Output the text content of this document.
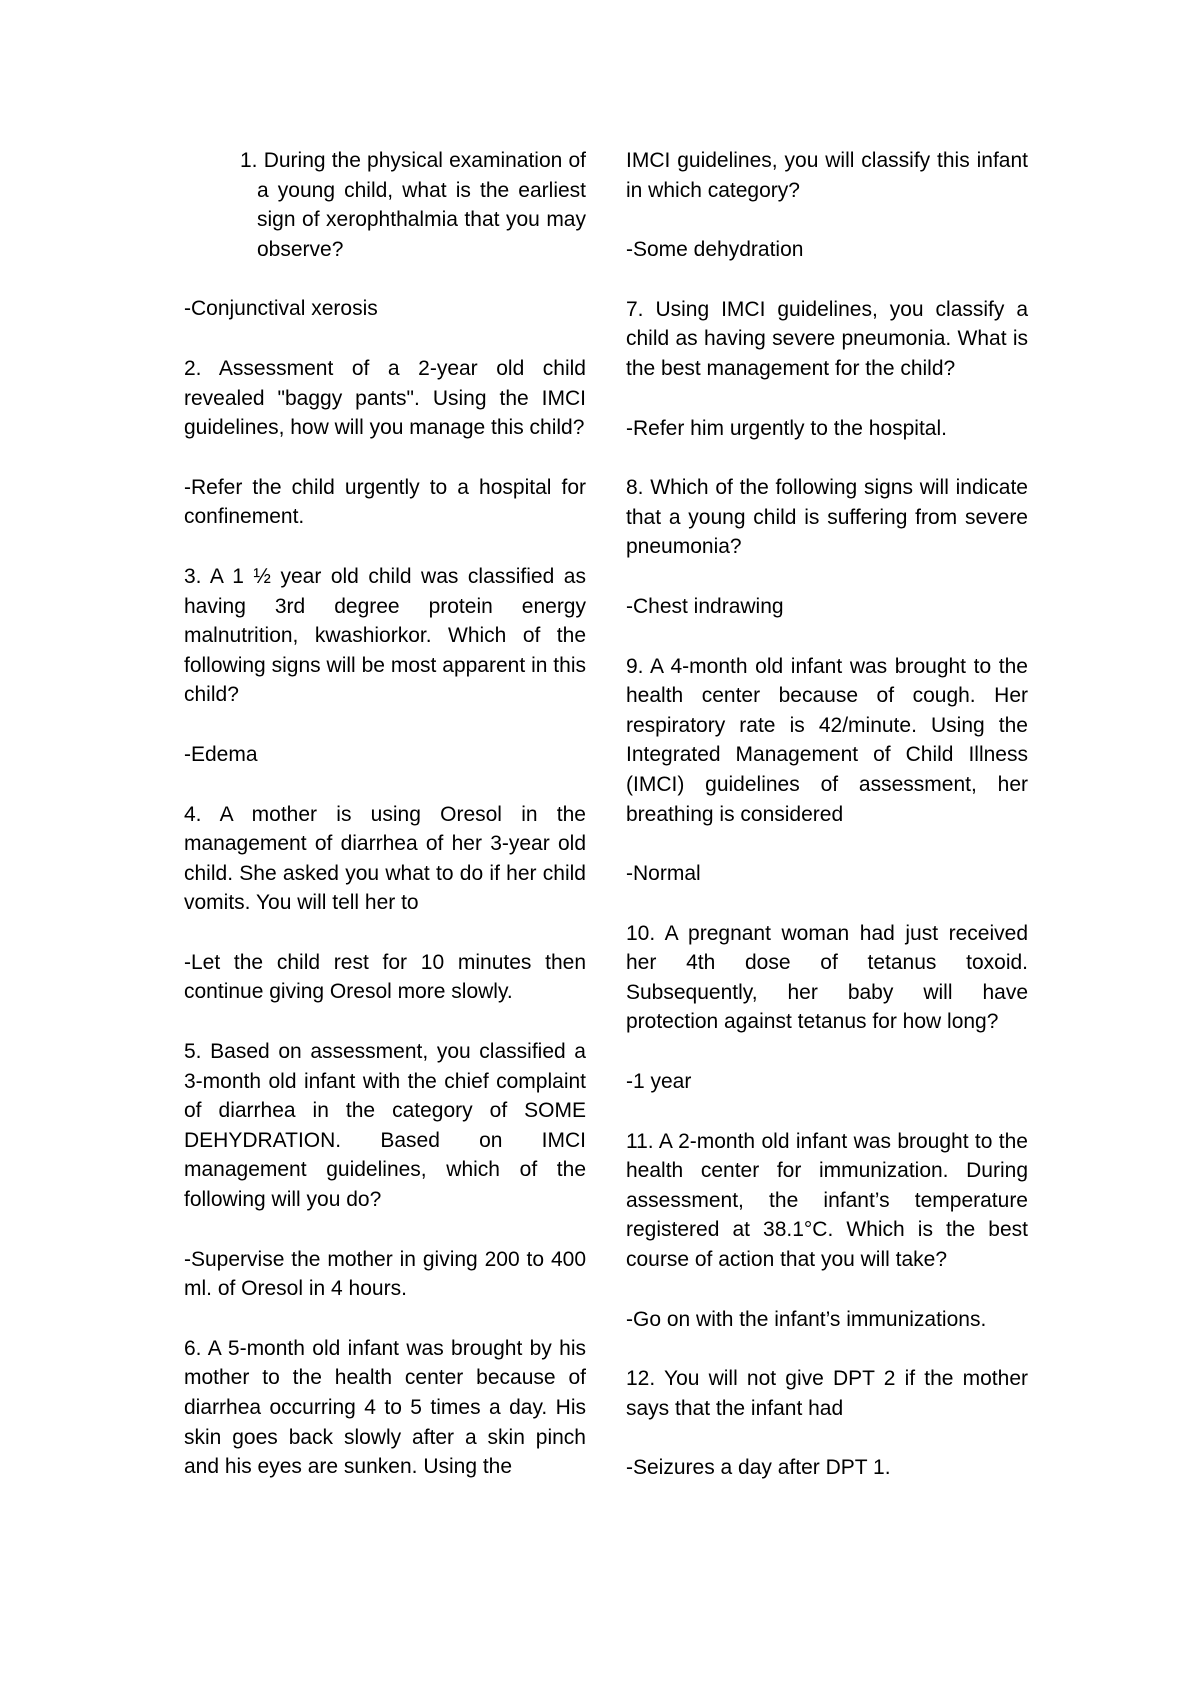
1. During the physical examination of a young child, what is the earliest sign of xerophthalmia that you may observe?

-Conjunctival xerosis

2. Assessment of a 2-year old child revealed "baggy pants". Using the IMCI guidelines, how will you manage this child?

-Refer the child urgently to a hospital for confinement.

3. A 1 ½ year old child was classified as having 3rd degree protein energy malnutrition, kwashiorkor. Which of the following signs will be most apparent in this child?

-Edema

4. A mother is using Oresol in the management of diarrhea of her 3-year old child. She asked you what to do if her child vomits. You will tell her to

-Let the child rest for 10 minutes then continue giving Oresol more slowly.

5. Based on assessment, you classified a 3-month old infant with the chief complaint of diarrhea in the category of SOME DEHYDRATION. Based on IMCI management guidelines, which of the following will you do?

-Supervise the mother in giving 200 to 400 ml. of Oresol in 4 hours.

6. A 5-month old infant was brought by his mother to the health center because of diarrhea occurring 4 to 5 times a day. His skin goes back slowly after a skin pinch and his eyes are sunken. Using the

IMCI guidelines, you will classify this infant in which category?

-Some dehydration

7. Using IMCI guidelines, you classify a child as having severe pneumonia. What is the best management for the child?

-Refer him urgently to the hospital.

8. Which of the following signs will indicate that a young child is suffering from severe pneumonia?

-Chest indrawing

9. A 4-month old infant was brought to the health center because of cough. Her respiratory rate is 42/minute. Using the Integrated Management of Child Illness (IMCI) guidelines of assessment, her breathing is considered

-Normal

10. A pregnant woman had just received her 4th dose of tetanus toxoid. Subsequently, her baby will have protection against tetanus for how long?

-1 year

11. A 2-month old infant was brought to the health center for immunization. During assessment, the infant’s temperature registered at 38.1°C. Which is the best course of action that you will take?

-Go on with the infant’s immunizations.

12. You will not give DPT 2 if the mother says that the infant had

-Seizures a day after DPT 1.
